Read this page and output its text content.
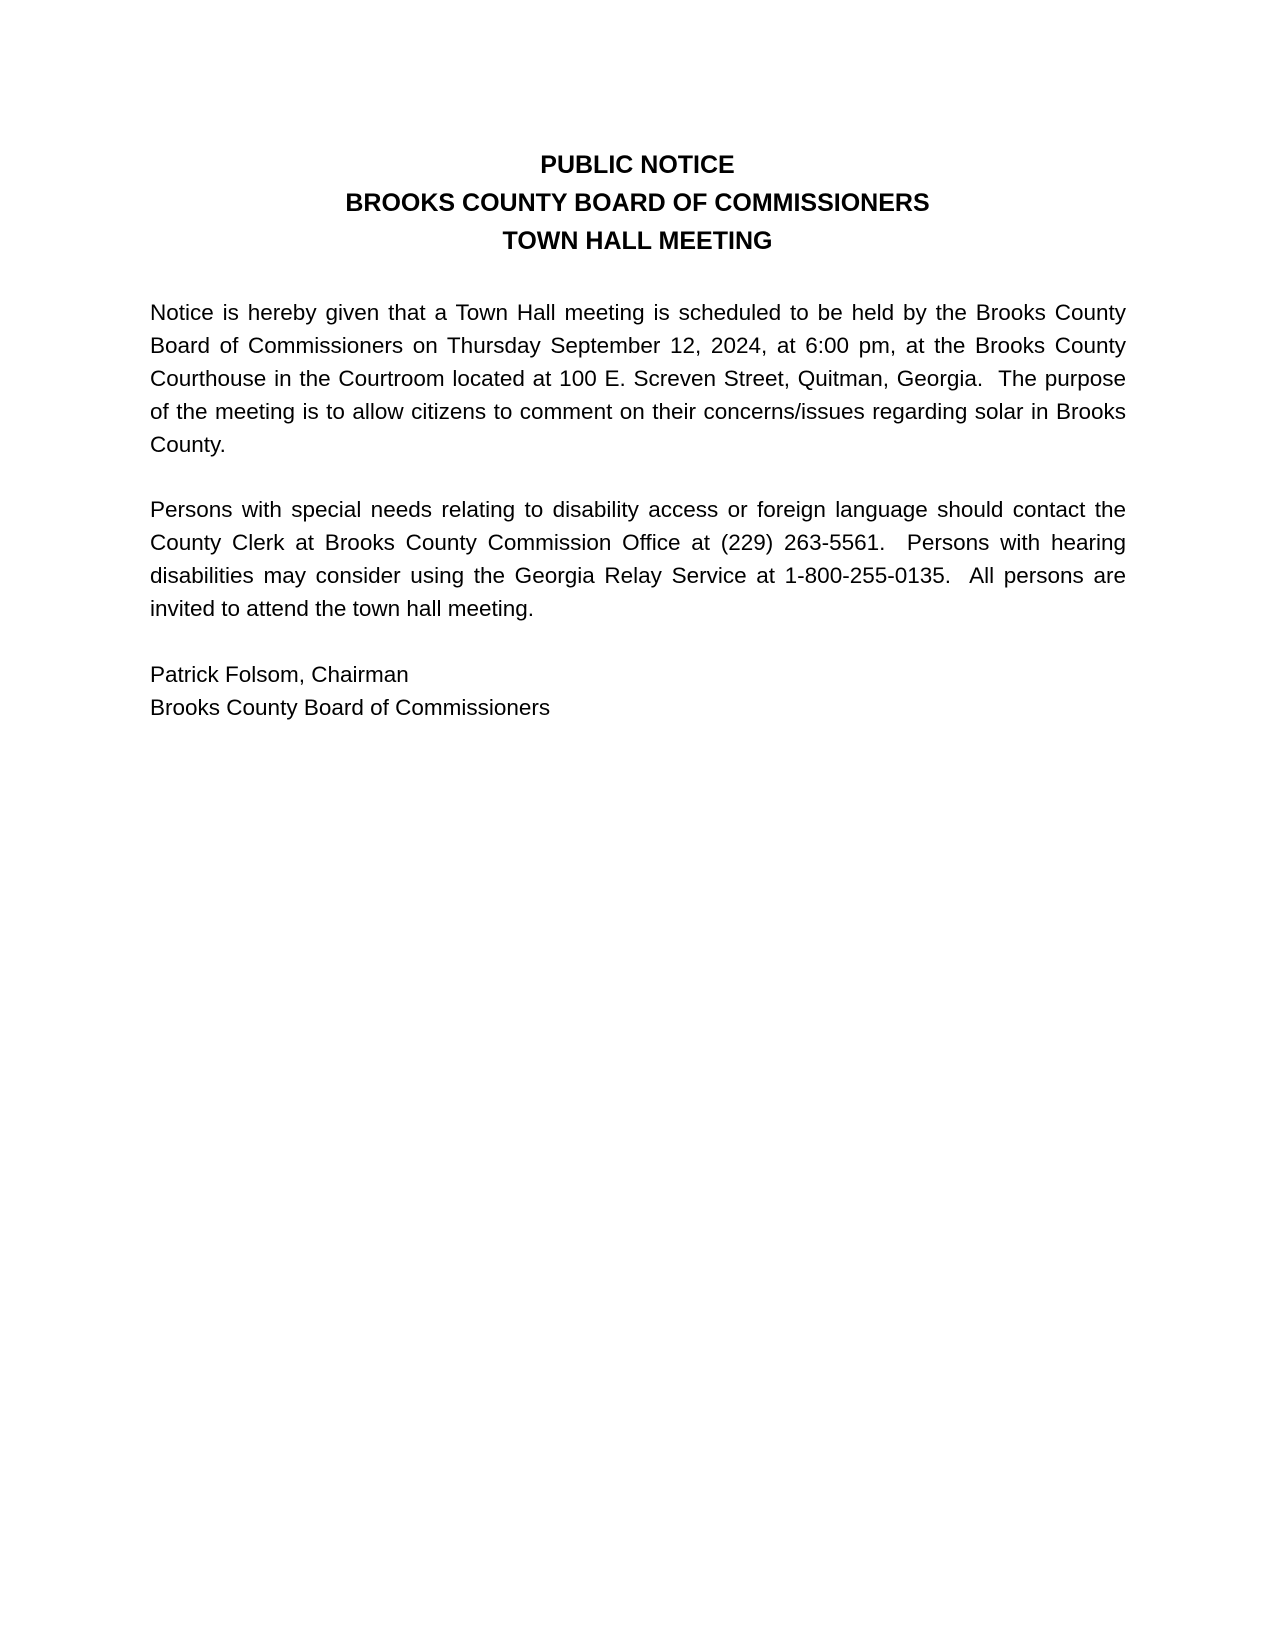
PUBLIC NOTICE
BROOKS COUNTY BOARD OF COMMISSIONERS
TOWN HALL MEETING

Notice is hereby given that a Town Hall meeting is scheduled to be held by the Brooks County Board of Commissioners on Thursday September 12, 2024, at 6:00 pm, at the Brooks County Courthouse in the Courtroom located at 100 E. Screven Street, Quitman, Georgia.  The purpose of the meeting is to allow citizens to comment on their concerns/issues regarding solar in Brooks County.

Persons with special needs relating to disability access or foreign language should contact the County Clerk at Brooks County Commission Office at (229) 263-5561.  Persons with hearing disabilities may consider using the Georgia Relay Service at 1-800-255-0135.  All persons are invited to attend the town hall meeting.

Patrick Folsom, Chairman
Brooks County Board of Commissioners
